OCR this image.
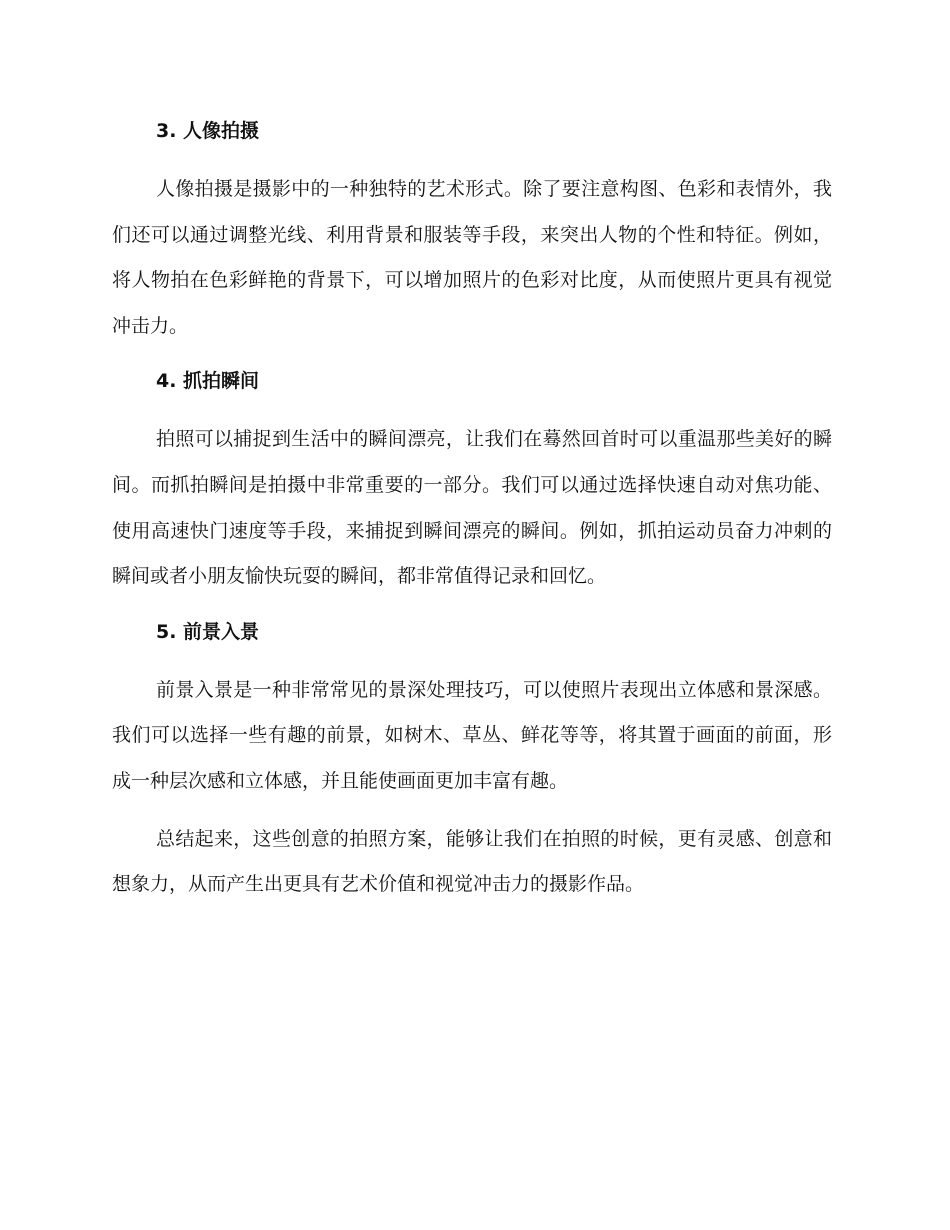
3. 人像拍摄

人像拍摄是摄影中的一种独特的艺术形式。除了要注意构图、色彩和表情外，我们还可以通过调整光线、利用背景和服装等手段，来突出人物的个性和特征。例如，将人物拍在色彩鲜艳的背景下，可以增加照片的色彩对比度，从而使照片更具有视觉冲击力。

4. 抓拍瞬间

拍照可以捕捉到生活中的瞬间漂亮，让我们在蓦然回首时可以重温那些美好的瞬间。而抓拍瞬间是拍摄中非常重要的一部分。我们可以通过选择快速自动对焦功能、使用高速快门速度等手段，来捕捉到瞬间漂亮的瞬间。例如，抓拍运动员奋力冲刺的瞬间或者小朋友愉快玩耍的瞬间，都非常值得记录和回忆。

5. 前景入景

前景入景是一种非常常见的景深处理技巧，可以使照片表现出立体感和景深感。我们可以选择一些有趣的前景，如树木、草丛、鲜花等等，将其置于画面的前面，形成一种层次感和立体感，并且能使画面更加丰富有趣。

总结起来，这些创意的拍照方案，能够让我们在拍照的时候，更有灵感、创意和想象力，从而产生出更具有艺术价值和视觉冲击力的摄影作品。
